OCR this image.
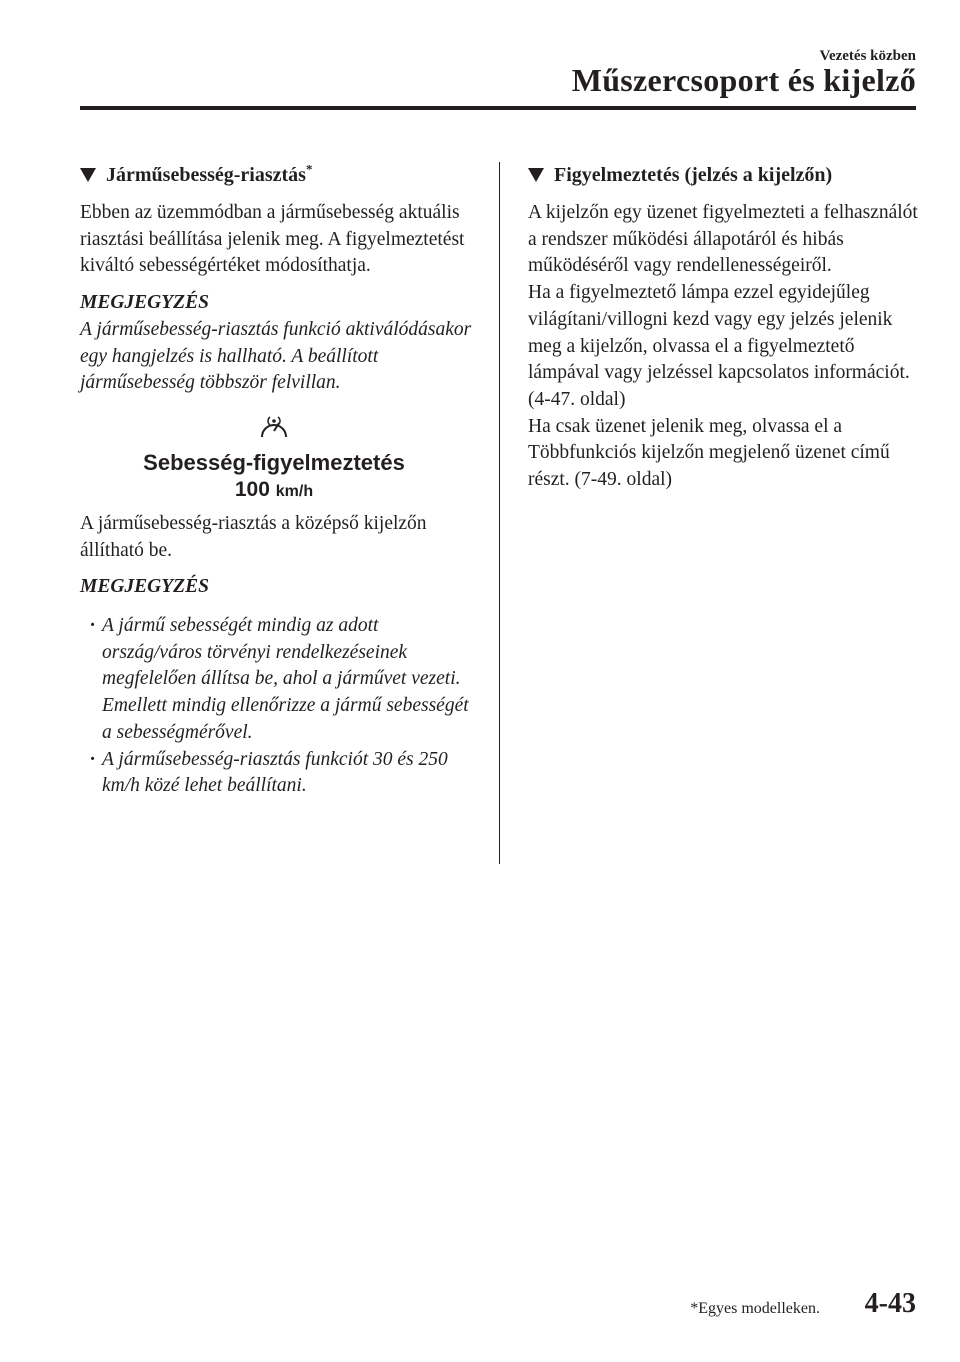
Vezetés közben
Műszercsoport és kijelző
Járműsebesség-riasztás*

Ebben az üzemmódban a járműsebesség aktuális riasztási beállítása jelenik meg. A figyelmeztetést kiváltó sebességértéket módosíthatja.

MEGJEGYZÉS

A járműsebesség-riasztás funkció aktiválódásakor egy hangjelzés is hallható. A beállított járműsebesség többször felvillan.

Sebesség-figyelmeztetés
100 km/h

A járműsebesség-riasztás a középső kijelzőn állítható be.

MEGJEGYZÉS

· A jármű sebességét mindig az adott ország/város törvényi rendelkezéseinek megfelelően állítsa be, ahol a járművet vezeti. Emellett mindig ellenőrizze a jármű sebességét a sebességmérővel.
· A járműsebesség-riasztás funkciót 30 és 250 km/h közé lehet beállítani.
Figyelmeztetés (jelzés a kijelzőn)

A kijelzőn egy üzenet figyelmezteti a felhasználót a rendszer működési állapotáról és hibás működéséről vagy rendellenességeiről.

Ha a figyelmeztető lámpa ezzel egyidejűleg világítani/villogni kezd vagy egy jelzés jelenik meg a kijelzőn, olvassa el a figyelmeztető lámpával vagy jelzéssel kapcsolatos információt. (4-47. oldal)

Ha csak üzenet jelenik meg, olvassa el a Többfunkciós kijelzőn megjelenő üzenet című részt. (7-49. oldal)

*Egyes modelleken. 4-43
